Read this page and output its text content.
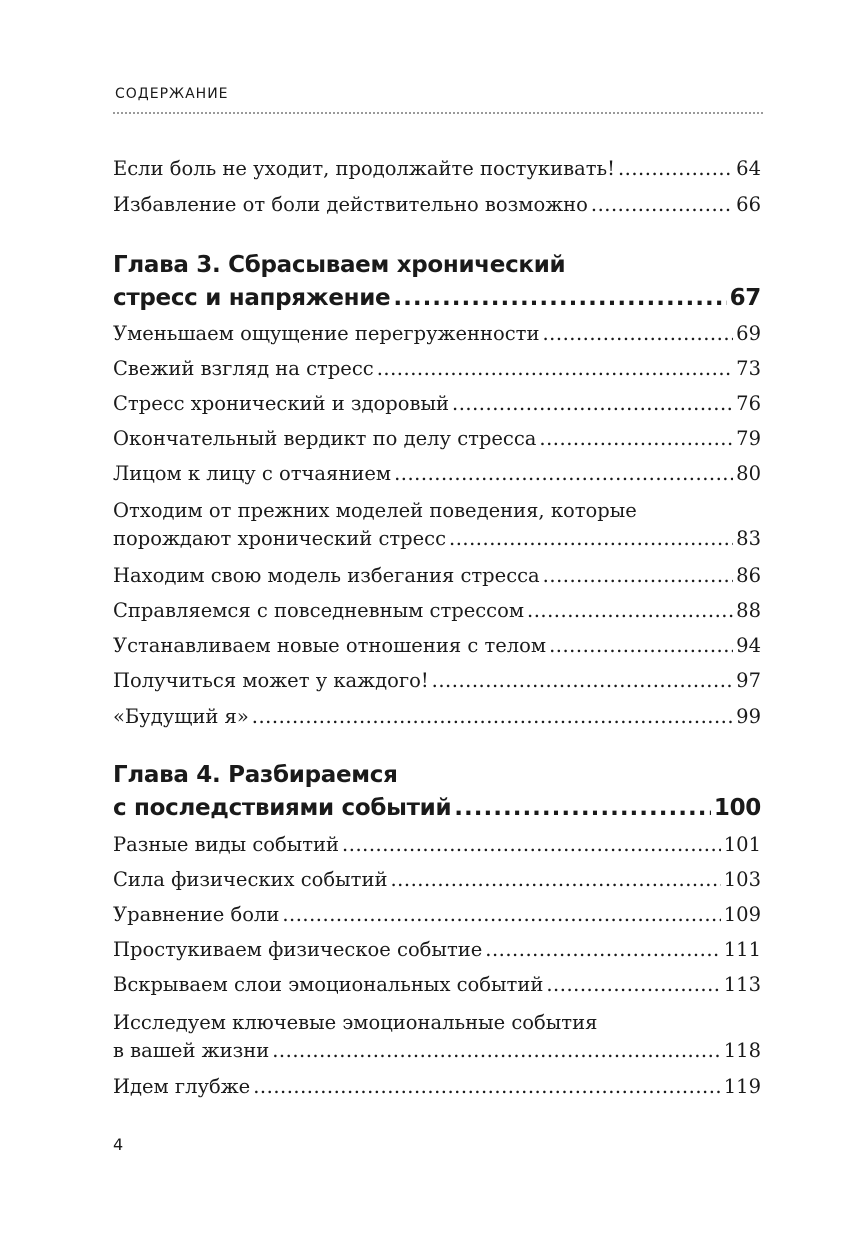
СОДЕРЖАНИЕ
Если боль не уходит, продолжайте постукивать! .....	64
Избавление от боли действительно возможно .....	66
Глава 3. Сбрасываем хронический
стресс и напряжение .....	67
Уменьшаем ощущение перегруженности .....	69
Свежий взгляд на стресс .....	73
Стресс хронический и здоровый .....	76
Окончательный вердикт по делу стресса .....	79
Лицом к лицу с отчаянием .....	80
Отходим от прежних моделей поведения, которые
порождают хронический стресс .....	83
Находим свою модель избегания стресса .....	86
Справляемся с повседневным стрессом .....	88
Устанавливаем новые отношения с телом .....	94
Получиться может у каждого! .....	97
«Будущий я» .....	99
Глава 4. Разбираемся
с последствиями событий .....	100
Разные виды событий .....	101
Сила физических событий .....	103
Уравнение боли .....	109
Простукиваем физическое событие .....	111
Вскрываем слои эмоциональных событий .....	113
Исследуем ключевые эмоциональные события
в вашей жизни .....	118
Идем глубже .....	119
4
